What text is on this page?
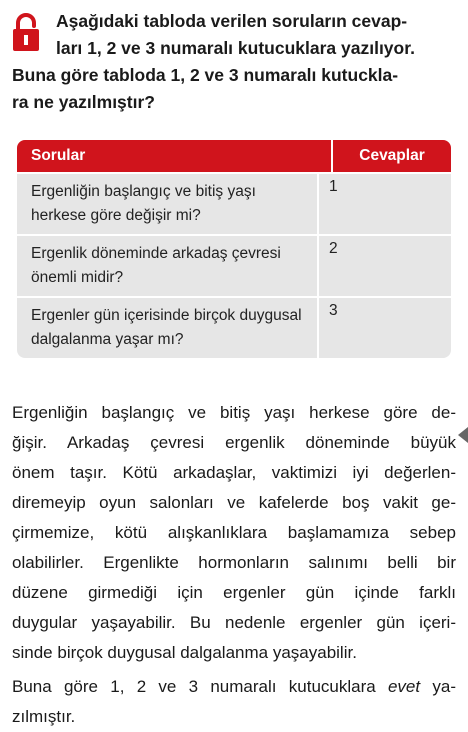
Aşağıdaki tabloda verilen soruların cevap-
ları 1, 2 ve 3 numaralı kutucuklara yazılıyor.
Buna göre tabloda 1, 2 ve 3 numaralı kutuckla-
ra ne yazılmıştır?
Sorular	Cevaplar
Ergenliğin başlangıç ve bitiş yaşı
herkese göre değişir mi?
1
Ergenlik döneminde arkadaş çevresi
önemli midir?
2
Ergenler gün içerisinde birçok duygusal
dalgalanma yaşar mı?
3
Ergenliğin başlangıç ve bitiş yaşı herkese göre de-
ğişir. Arkadaş çevresi ergenlik döneminde büyük
önem taşır. Kötü arkadaşlar, vaktimizi iyi değerlen-
diremeyip oyun salonları ve kafelerde boş vakit ge-
çirmemize, kötü alışkanlıklara başlamamıza sebep
olabilirler. Ergenlikte hormonların salınımı belli bir
düzene girmediği için ergenler gün içinde farklı
duygular yaşayabilir. Bu nedenle ergenler gün içeri-
sinde birçok duygusal dalgalanma yaşayabilir.
Buna göre 1, 2 ve 3 numaralı kutucuklara evet ya-
zılmıştır.
